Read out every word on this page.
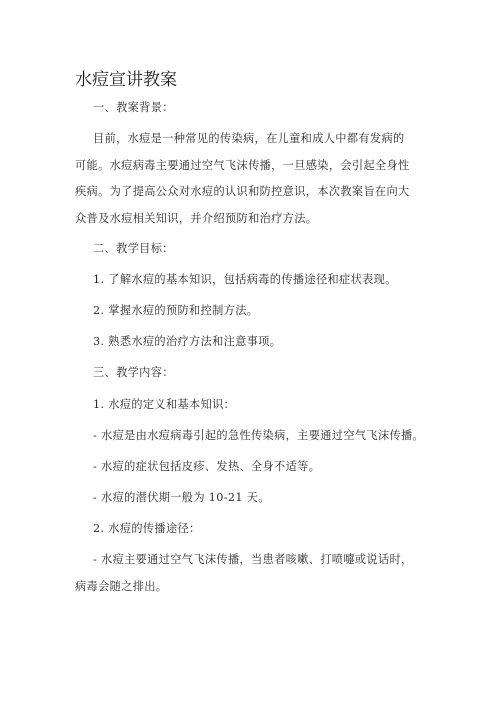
水痘宣讲教案
一、教案背景：
目前，水痘是一种常见的传染病，在儿童和成人中都有发病的
可能。水痘病毒主要通过空气飞沫传播，一旦感染，会引起全身性
疾病。为了提高公众对水痘的认识和防控意识，本次教案旨在向大
众普及水痘相关知识，并介绍预防和治疗方法。
二、教学目标：
1. 了解水痘的基本知识，包括病毒的传播途径和症状表现。
2. 掌握水痘的预防和控制方法。
3. 熟悉水痘的治疗方法和注意事项。
三、教学内容：
1. 水痘的定义和基本知识：
- 水痘是由水痘病毒引起的急性传染病，主要通过空气飞沫传播。
- 水痘的症状包括皮疹、发热、全身不适等。
- 水痘的潜伏期一般为 10-21 天。
2. 水痘的传播途径：
- 水痘主要通过空气飞沫传播，当患者咳嗽、打喷嚏或说话时，
病毒会随之排出。
